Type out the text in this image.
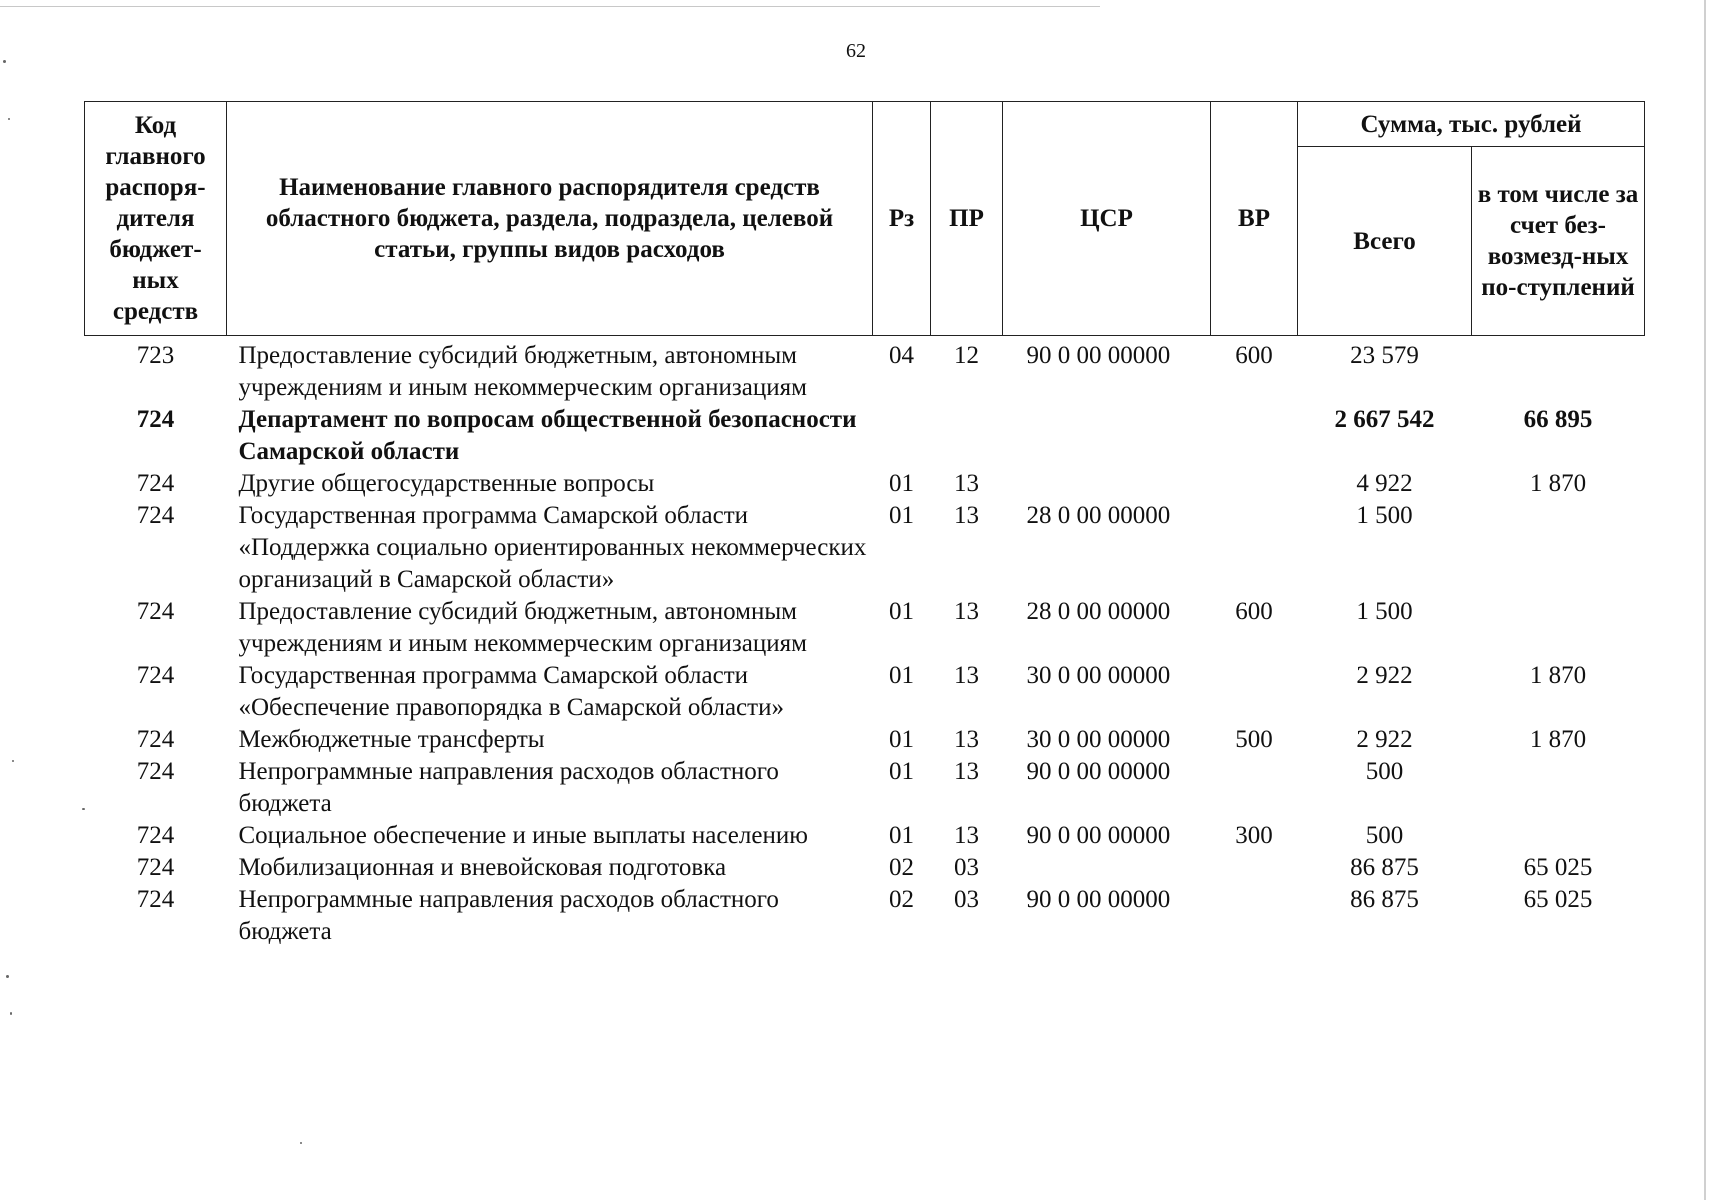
62
Код главного распоря-дителя бюджет-ных средств	Наименование главного распорядителя средств областного бюджета, раздела, подраздела, целевой статьи, группы видов расходов	Рз	ПР	ЦСР	ВР	Сумма, тыс. рублей	
						Всего	в том числе за счет без-возмезд-ных по-ступлений
723	Предоставление субсидий бюджетным, автономным учреждениям и иным некоммерческим организациям	04	12	90 0 00 00000	600	23 579	
724	Департамент по вопросам общественной безопасности Самарской области					2 667 542	66 895
724	Другие общегосударственные вопросы	01	13			4 922	1 870
724	Государственная программа Самарской области «Поддержка социально ориентированных некоммерческих организаций в Самарской области»	01	13	28 0 00 00000		1 500	
724	Предоставление субсидий бюджетным, автономным учреждениям и иным некоммерческим организациям	01	13	28 0 00 00000	600	1 500	
724	Государственная программа Самарской области «Обеспечение правопорядка в Самарской области»	01	13	30 0 00 00000		2 922	1 870
724	Межбюджетные трансферты	01	13	30 0 00 00000	500	2 922	1 870
724	Непрограммные направления расходов областного бюджета	01	13	90 0 00 00000		500	
724	Социальное обеспечение и иные выплаты населению	01	13	90 0 00 00000	300	500	
724	Мобилизационная и вневойсковая подготовка	02	03			86 875	65 025
724	Непрограммные направления расходов областного бюджета	02	03	90 0 00 00000		86 875	65 025
